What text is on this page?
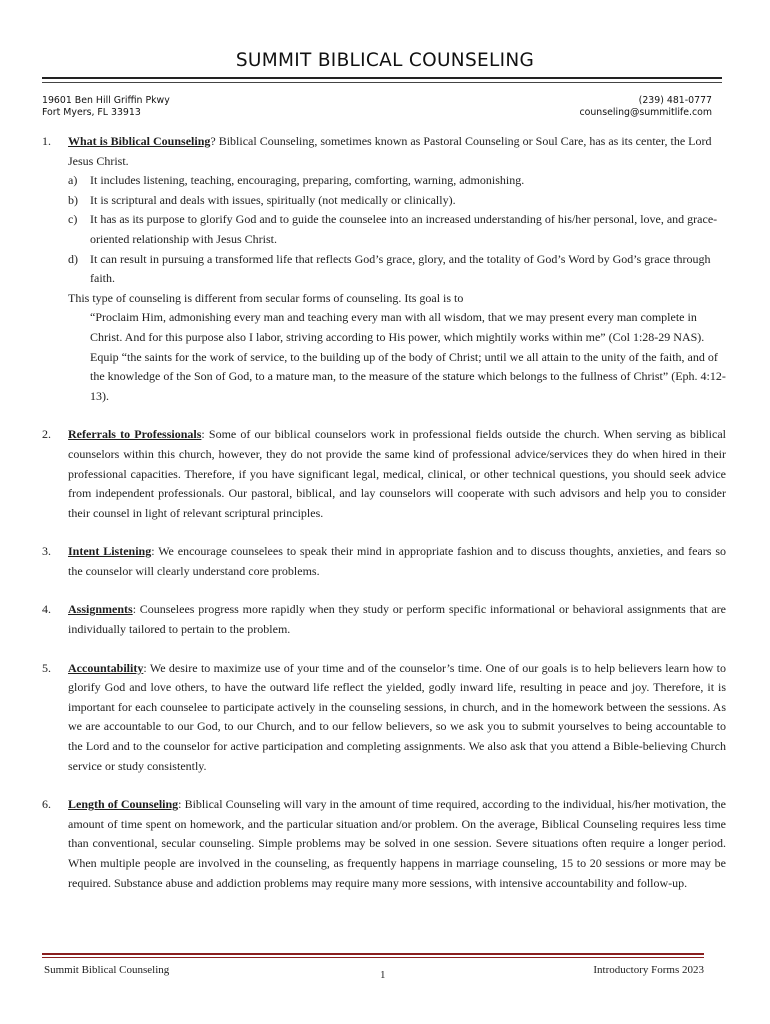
SUMMIT BIBLICAL COUNSELING
19601 Ben Hill Griffin Pkwy
Fort Myers, FL 33913
(239) 481-0777
counseling@summitlife.com
1. What is Biblical Counseling? Biblical Counseling, sometimes known as Pastoral Counseling or Soul Care, has as its center, the Lord Jesus Christ.
a) It includes listening, teaching, encouraging, preparing, comforting, warning, admonishing.
b) It is scriptural and deals with issues, spiritually (not medically or clinically).
c) It has as its purpose to glorify God and to guide the counselee into an increased understanding of his/her personal, love, and grace-oriented relationship with Jesus Christ.
d) It can result in pursuing a transformed life that reflects God’s grace, glory, and the totality of God’s Word by God’s grace through faith.
This type of counseling is different from secular forms of counseling. Its goal is to
“Proclaim Him, admonishing every man and teaching every man with all wisdom, that we may present every man complete in Christ. And for this purpose also I labor, striving according to His power, which mightily works within me” (Col 1:28-29 NAS).
Equip “the saints for the work of service, to the building up of the body of Christ; until we all attain to the unity of the faith, and of the knowledge of the Son of God, to a mature man, to the measure of the stature which belongs to the fullness of Christ” (Eph. 4:12-13).
2. Referrals to Professionals: Some of our biblical counselors work in professional fields outside the church. When serving as biblical counselors within this church, however, they do not provide the same kind of professional advice/services they do when hired in their professional capacities. Therefore, if you have significant legal, medical, clinical, or other technical questions, you should seek advice from independent professionals. Our pastoral, biblical, and lay counselors will cooperate with such advisors and help you to consider their counsel in light of relevant scriptural principles.
3. Intent Listening: We encourage counselees to speak their mind in appropriate fashion and to discuss thoughts, anxieties, and fears so the counselor will clearly understand core problems.
4. Assignments: Counselees progress more rapidly when they study or perform specific informational or behavioral assignments that are individually tailored to pertain to the problem.
5. Accountability: We desire to maximize use of your time and of the counselor’s time. One of our goals is to help believers learn how to glorify God and love others, to have the outward life reflect the yielded, godly inward life, resulting in peace and joy. Therefore, it is important for each counselee to participate actively in the counseling sessions, in church, and in the homework between the sessions. As we are accountable to our God, to our Church, and to our fellow believers, so we ask you to submit yourselves to being accountable to the Lord and to the counselor for active participation and completing assignments. We also ask that you attend a Bible-believing Church service or study consistently.
6. Length of Counseling: Biblical Counseling will vary in the amount of time required, according to the individual, his/her motivation, the amount of time spent on homework, and the particular situation and/or problem. On the average, Biblical Counseling requires less time than conventional, secular counseling. Simple problems may be solved in one session. Severe situations often require a longer period. When multiple people are involved in the counseling, as frequently happens in marriage counseling, 15 to 20 sessions or more may be required. Substance abuse and addiction problems may require many more sessions, with intensive accountability and follow-up.
Summit Biblical Counseling	1	Introductory Forms 2023
